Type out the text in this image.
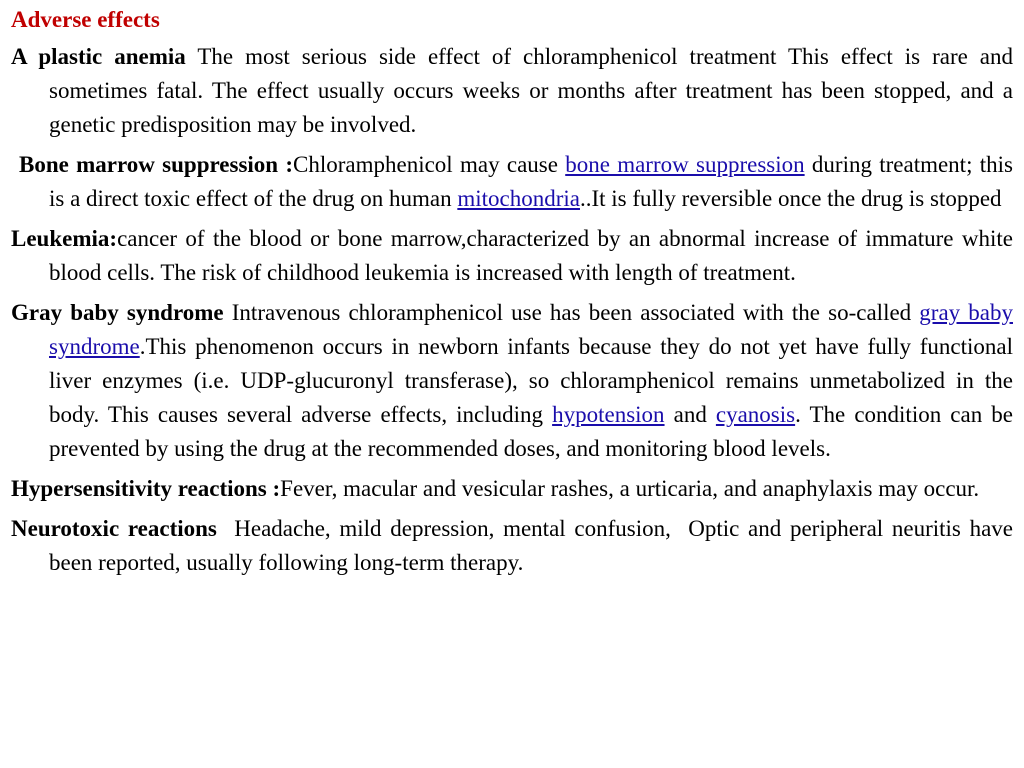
Adverse effects

A plastic anemia The most serious side effect of chloramphenicol treatment This effect is rare and sometimes fatal. The effect usually occurs weeks or months after treatment has been stopped, and a genetic predisposition may be involved.

Bone marrow suppression :Chloramphenicol may cause bone marrow suppression during treatment; this is a direct toxic effect of the drug on human mitochondria..It is fully reversible once the drug is stopped

Leukemia:cancer of the blood or bone marrow,characterized by an abnormal increase of immature white blood cells. The risk of childhood leukemia is increased with length of treatment.

Gray baby syndrome Intravenous chloramphenicol use has been associated with the so-called gray baby syndrome.This phenomenon occurs in newborn infants because they do not yet have fully functional liver enzymes (i.e. UDP-glucuronyl transferase), so chloramphenicol remains unmetabolized in the body. This causes several adverse effects, including hypotension and cyanosis. The condition can be prevented by using the drug at the recommended doses, and monitoring blood levels.

Hypersensitivity reactions :Fever, macular and vesicular rashes, a urticaria, and anaphylaxis may occur.

Neurotoxic reactions  Headache, mild depression, mental confusion,  Optic and peripheral neuritis have been reported, usually following long-term therapy.
